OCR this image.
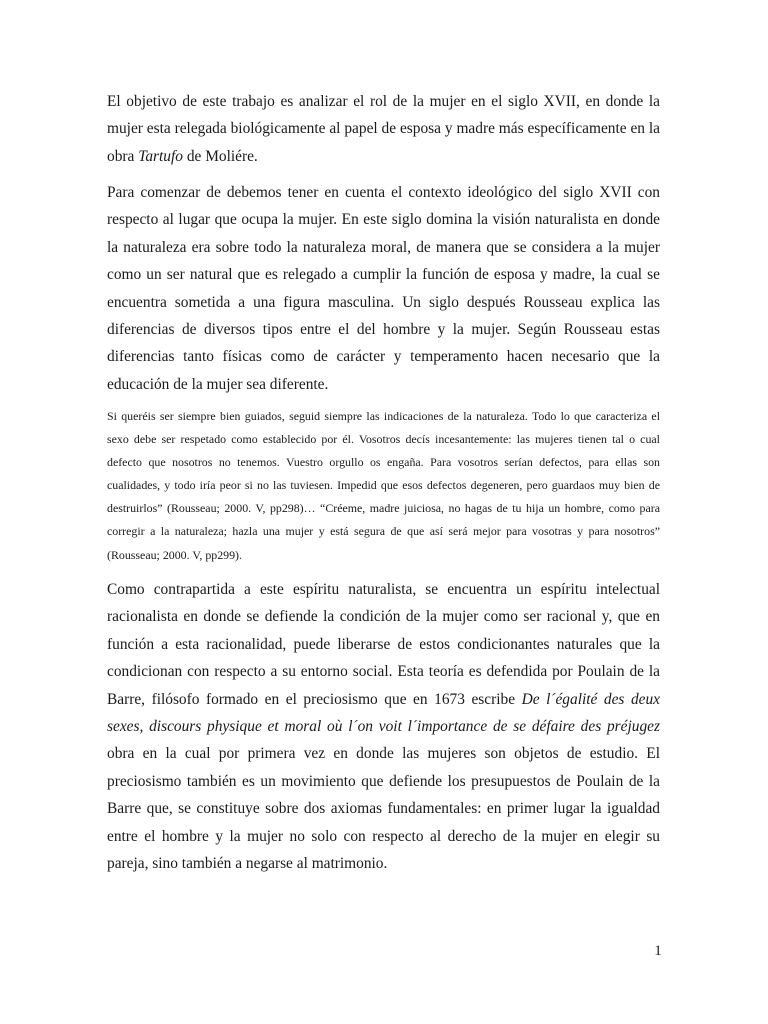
El objetivo de este trabajo es analizar el rol de la mujer en el siglo XVII, en donde la mujer esta relegada biológicamente al papel de esposa y madre más específicamente en la obra Tartufo de Moliére.

Para comenzar de debemos tener en cuenta el contexto ideológico del siglo XVII con respecto al lugar que ocupa la mujer. En este siglo domina la visión naturalista en donde la naturaleza era sobre todo la naturaleza moral, de manera que se considera a la mujer como un ser natural que es relegado a cumplir la función de esposa y madre, la cual se encuentra sometida a una figura masculina. Un siglo después Rousseau explica las diferencias de diversos tipos entre el del hombre y la mujer. Según Rousseau estas diferencias tanto físicas como de carácter y temperamento hacen necesario que la educación de la mujer sea diferente.

Si queréis ser siempre bien guiados, seguid siempre las indicaciones de la naturaleza. Todo lo que caracteriza el sexo debe ser respetado como establecido por él. Vosotros decís incesantemente: las mujeres tienen tal o cual defecto que nosotros no tenemos. Vuestro orgullo os engaña. Para vosotros serían defectos, para ellas son cualidades, y todo iría peor si no las tuviesen. Impedid que esos defectos degeneren, pero guardaos muy bien de destruirlos” (Rousseau; 2000. V, pp298)… “Créeme, madre juiciosa, no hagas de tu hija un hombre, como para corregir a la naturaleza; hazla una mujer y está segura de que así será mejor para vosotras y para nosotros” (Rousseau; 2000. V, pp299).

Como contrapartida a este espíritu naturalista, se encuentra un espíritu intelectual racionalista en donde se defiende la condición de la mujer como ser racional y, que en función a esta racionalidad, puede liberarse de estos condicionantes naturales que la condicionan con respecto a su entorno social. Esta teoría es defendida por Poulain de la Barre, filósofo formado en el preciosismo que en 1673 escribe De l´égalité des deux sexes, discours physique et moral où l´on voit l´importance de se défaire des préjugez obra en la cual por primera vez en donde las mujeres son objetos de estudio. El preciosismo también es un movimiento que defiende los presupuestos de Poulain de la Barre que, se constituye sobre dos axiomas fundamentales: en primer lugar la igualdad entre el hombre y la mujer no solo con respecto al derecho de la mujer en elegir su pareja, sino también a negarse al matrimonio.

1
